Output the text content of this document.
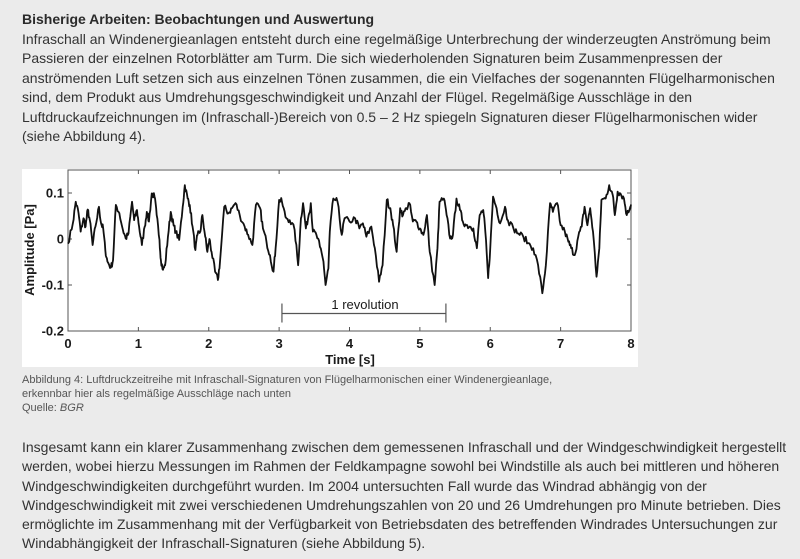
Bisherige Arbeiten: Beobachtungen und Auswertung
Infraschall an Windenergieanlagen entsteht durch eine regelmäßige Unterbrechung der winderzeugten Anströmung beim
Passieren der einzelnen Rotorblätter am Turm. Die sich wiederholenden Signaturen beim Zusammenpressen der
anströmenden Luft setzen sich aus einzelnen Tönen zusammen, die ein Vielfaches der sogenannten Flügelharmonischen
sind, dem Produkt aus Umdrehungsgeschwindigkeit und Anzahl der Flügel. Regelmäßige Ausschläge in den
Luftdruckaufzeichnungen im (Infraschall-)Bereich von 0.5 – 2 Hz spiegeln Signaturen dieser Flügelharmonischen wider
(siehe Abbildung 4).
0	1	2	3	4	5	6	7	8
-0.2
-0.1
0
0.1
1 revolution
Time [s]
Amplitude [Pa]
Abbildung 4: Luftdruckzeitreihe mit Infraschall-Signaturen von Flügelharmonischen einer Windenergieanlage,
erkennbar hier als regelmäßige Ausschläge nach unten
Quelle: BGR
Insgesamt kann ein klarer Zusammenhang zwischen dem gemessenen Infraschall und der Windgeschwindigkeit hergestellt
werden, wobei hierzu Messungen im Rahmen der Feldkampagne sowohl bei Windstille als auch bei mittleren und höheren
Windgeschwindigkeiten durchgeführt wurden. Im 2004 untersuchten Fall wurde das Windrad abhängig von der
Windgeschwindigkeit mit zwei verschiedenen Umdrehungszahlen von 20 und 26 Umdrehungen pro Minute betrieben. Dies
ermöglichte im Zusammenhang mit der Verfügbarkeit von Betriebsdaten des betreffenden Windrades Untersuchungen zur
Windabhängigkeit der Infraschall-Signaturen (siehe Abbildung 5).
